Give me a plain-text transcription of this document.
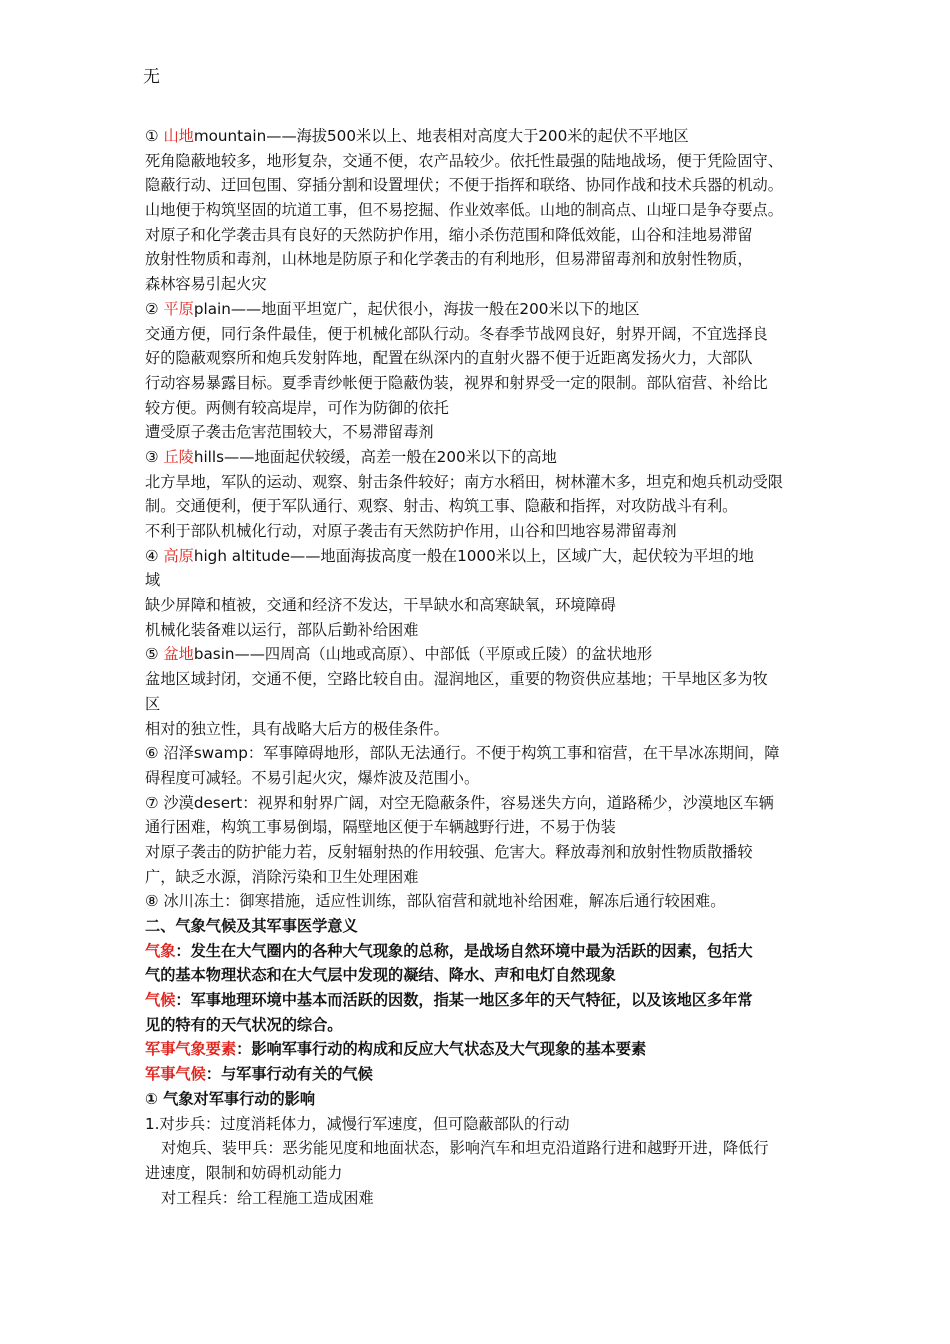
无
① 山地mountain——海拔500米以上、地表相对高度大于200米的起伏不平地区
死角隐蔽地较多，地形复杂，交通不便，农产品较少。依托性最强的陆地战场，便于凭险固守、
隐蔽行动、迂回包围、穿插分割和设置埋伏；不便于指挥和联络、协同作战和技术兵器的机动。
山地便于构筑坚固的坑道工事，但不易挖掘、作业效率低。山地的制高点、山垭口是争夺要点。
对原子和化学袭击具有良好的天然防护作用，缩小杀伤范围和降低效能，山谷和洼地易滞留
放射性物质和毒剂，山林地是防原子和化学袭击的有利地形，但易滞留毒剂和放射性物质，
森林容易引起火灾
② 平原plain——地面平坦宽广，起伏很小，海拔一般在200米以下的地区
交通方便，同行条件最佳，便于机械化部队行动。冬春季节战网良好，射界开阔，不宜选择良
好的隐蔽观察所和炮兵发射阵地，配置在纵深内的直射火器不便于近距离发扬火力，大部队
行动容易暴露目标。夏季青纱帐便于隐蔽伪装，视界和射界受一定的限制。部队宿营、补给比
较方便。两侧有较高堤岸，可作为防御的依托
遭受原子袭击危害范围较大，不易滞留毒剂
③ 丘陵hills——地面起伏较缓，高差一般在200米以下的高地
北方旱地，军队的运动、观察、射击条件较好；南方水稻田，树林灌木多，坦克和炮兵机动受限
制。交通便利，便于军队通行、观察、射击、构筑工事、隐蔽和指挥，对攻防战斗有利。
不利于部队机械化行动，对原子袭击有天然防护作用，山谷和凹地容易滞留毒剂
④ 高原high altitude——地面海拔高度一般在1000米以上，区域广大，起伏较为平坦的地
域
缺少屏障和植被，交通和经济不发达，干旱缺水和高寒缺氧，环境障碍
机械化装备难以运行，部队后勤补给困难
⑤ 盆地basin——四周高（山地或高原）、中部低（平原或丘陵）的盆状地形
盆地区域封闭，交通不便，空路比较自由。湿润地区，重要的物资供应基地；干旱地区多为牧
区
相对的独立性，具有战略大后方的极佳条件。
⑥ 沼泽swamp：军事障碍地形，部队无法通行。不便于构筑工事和宿营，在干旱冰冻期间，障
碍程度可减轻。不易引起火灾，爆炸波及范围小。
⑦ 沙漠desert：视界和射界广阔，对空无隐蔽条件，容易迷失方向，道路稀少，沙漠地区车辆
通行困难，构筑工事易倒塌，隔壁地区便于车辆越野行进，不易于伪装
对原子袭击的防护能力若，反射辐射热的作用较强、危害大。释放毒剂和放射性物质散播较
广，缺乏水源，消除污染和卫生处理困难
⑧ 冰川冻土：御寒措施，适应性训练，部队宿营和就地补给困难，解冻后通行较困难。
二、气象气候及其军事医学意义
气象：发生在大气圈内的各种大气现象的总称，是战场自然环境中最为活跃的因素，包括大
气的基本物理状态和在大气层中发现的凝结、降水、声和电灯自然现象
气候：军事地理环境中基本而活跃的因数，指某一地区多年的天气特征，以及该地区多年常
见的特有的天气状况的综合。
军事气象要素：影响军事行动的构成和反应大气状态及大气现象的基本要素
军事气候：与军事行动有关的气候
① 气象对军事行动的影响
1.对步兵：过度消耗体力，减慢行军速度，但可隐蔽部队的行动
对炮兵、装甲兵：恶劣能见度和地面状态，影响汽车和坦克沿道路行进和越野开进，降低行
进速度，限制和妨碍机动能力
对工程兵：给工程施工造成困难
